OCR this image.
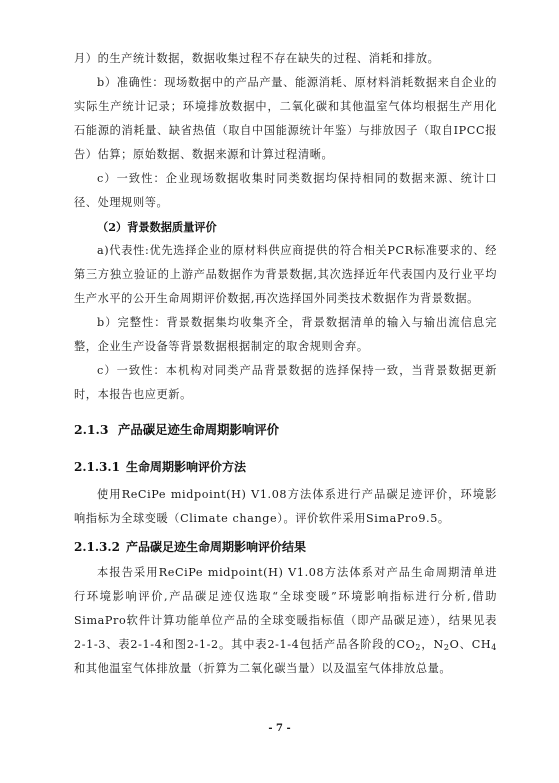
月）的生产统计数据，数据收集过程不存在缺失的过程、消耗和排放。

b）准确性：现场数据中的产品产量、能源消耗、原材料消耗数据来自企业的实际生产统计记录；环境排放数据中，二氧化碳和其他温室气体均根据生产用化石能源的消耗量、缺省热值（取自中国能源统计年鉴）与排放因子（取自IPCC报告）估算；原始数据、数据来源和计算过程清晰。

c）一致性：企业现场数据收集时同类数据均保持相同的数据来源、统计口径、处理规则等。

（2）背景数据质量评价

a)代表性:优先选择企业的原材料供应商提供的符合相关PCR标准要求的、经第三方独立验证的上游产品数据作为背景数据,其次选择近年代表国内及行业平均生产水平的公开生命周期评价数据,再次选择国外同类技术数据作为背景数据。

b）完整性：背景数据集均收集齐全，背景数据清单的输入与输出流信息完整，企业生产设备等背景数据根据制定的取舍规则舍弃。

c）一致性：本机构对同类产品背景数据的选择保持一致，当背景数据更新时，本报告也应更新。

2.1.3 产品碳足迹生命周期影响评价
2.1.3.1 生命周期影响评价方法

使用ReCiPe midpoint(H) V1.08方法体系进行产品碳足迹评价，环境影响指标为全球变暖（Climate change）。评价软件采用SimaPro9.5。

2.1.3.2 产品碳足迹生命周期影响评价结果

本报告采用ReCiPe midpoint(H) V1.08方法体系对产品生命周期清单进行环境影响评价,产品碳足迹仅选取“全球变暖”环境影响指标进行分析,借助SimaPro软件计算功能单位产品的全球变暖指标值（即产品碳足迹），结果见表2-1-3、表2-1-4和图2-1-2。其中表2-1-4包括产品各阶段的$CO_2$，$N_2O$、$CH_4$和其他温室气体排放量（折算为二氧化碳当量）以及温室气体排放总量。

- 7 -
